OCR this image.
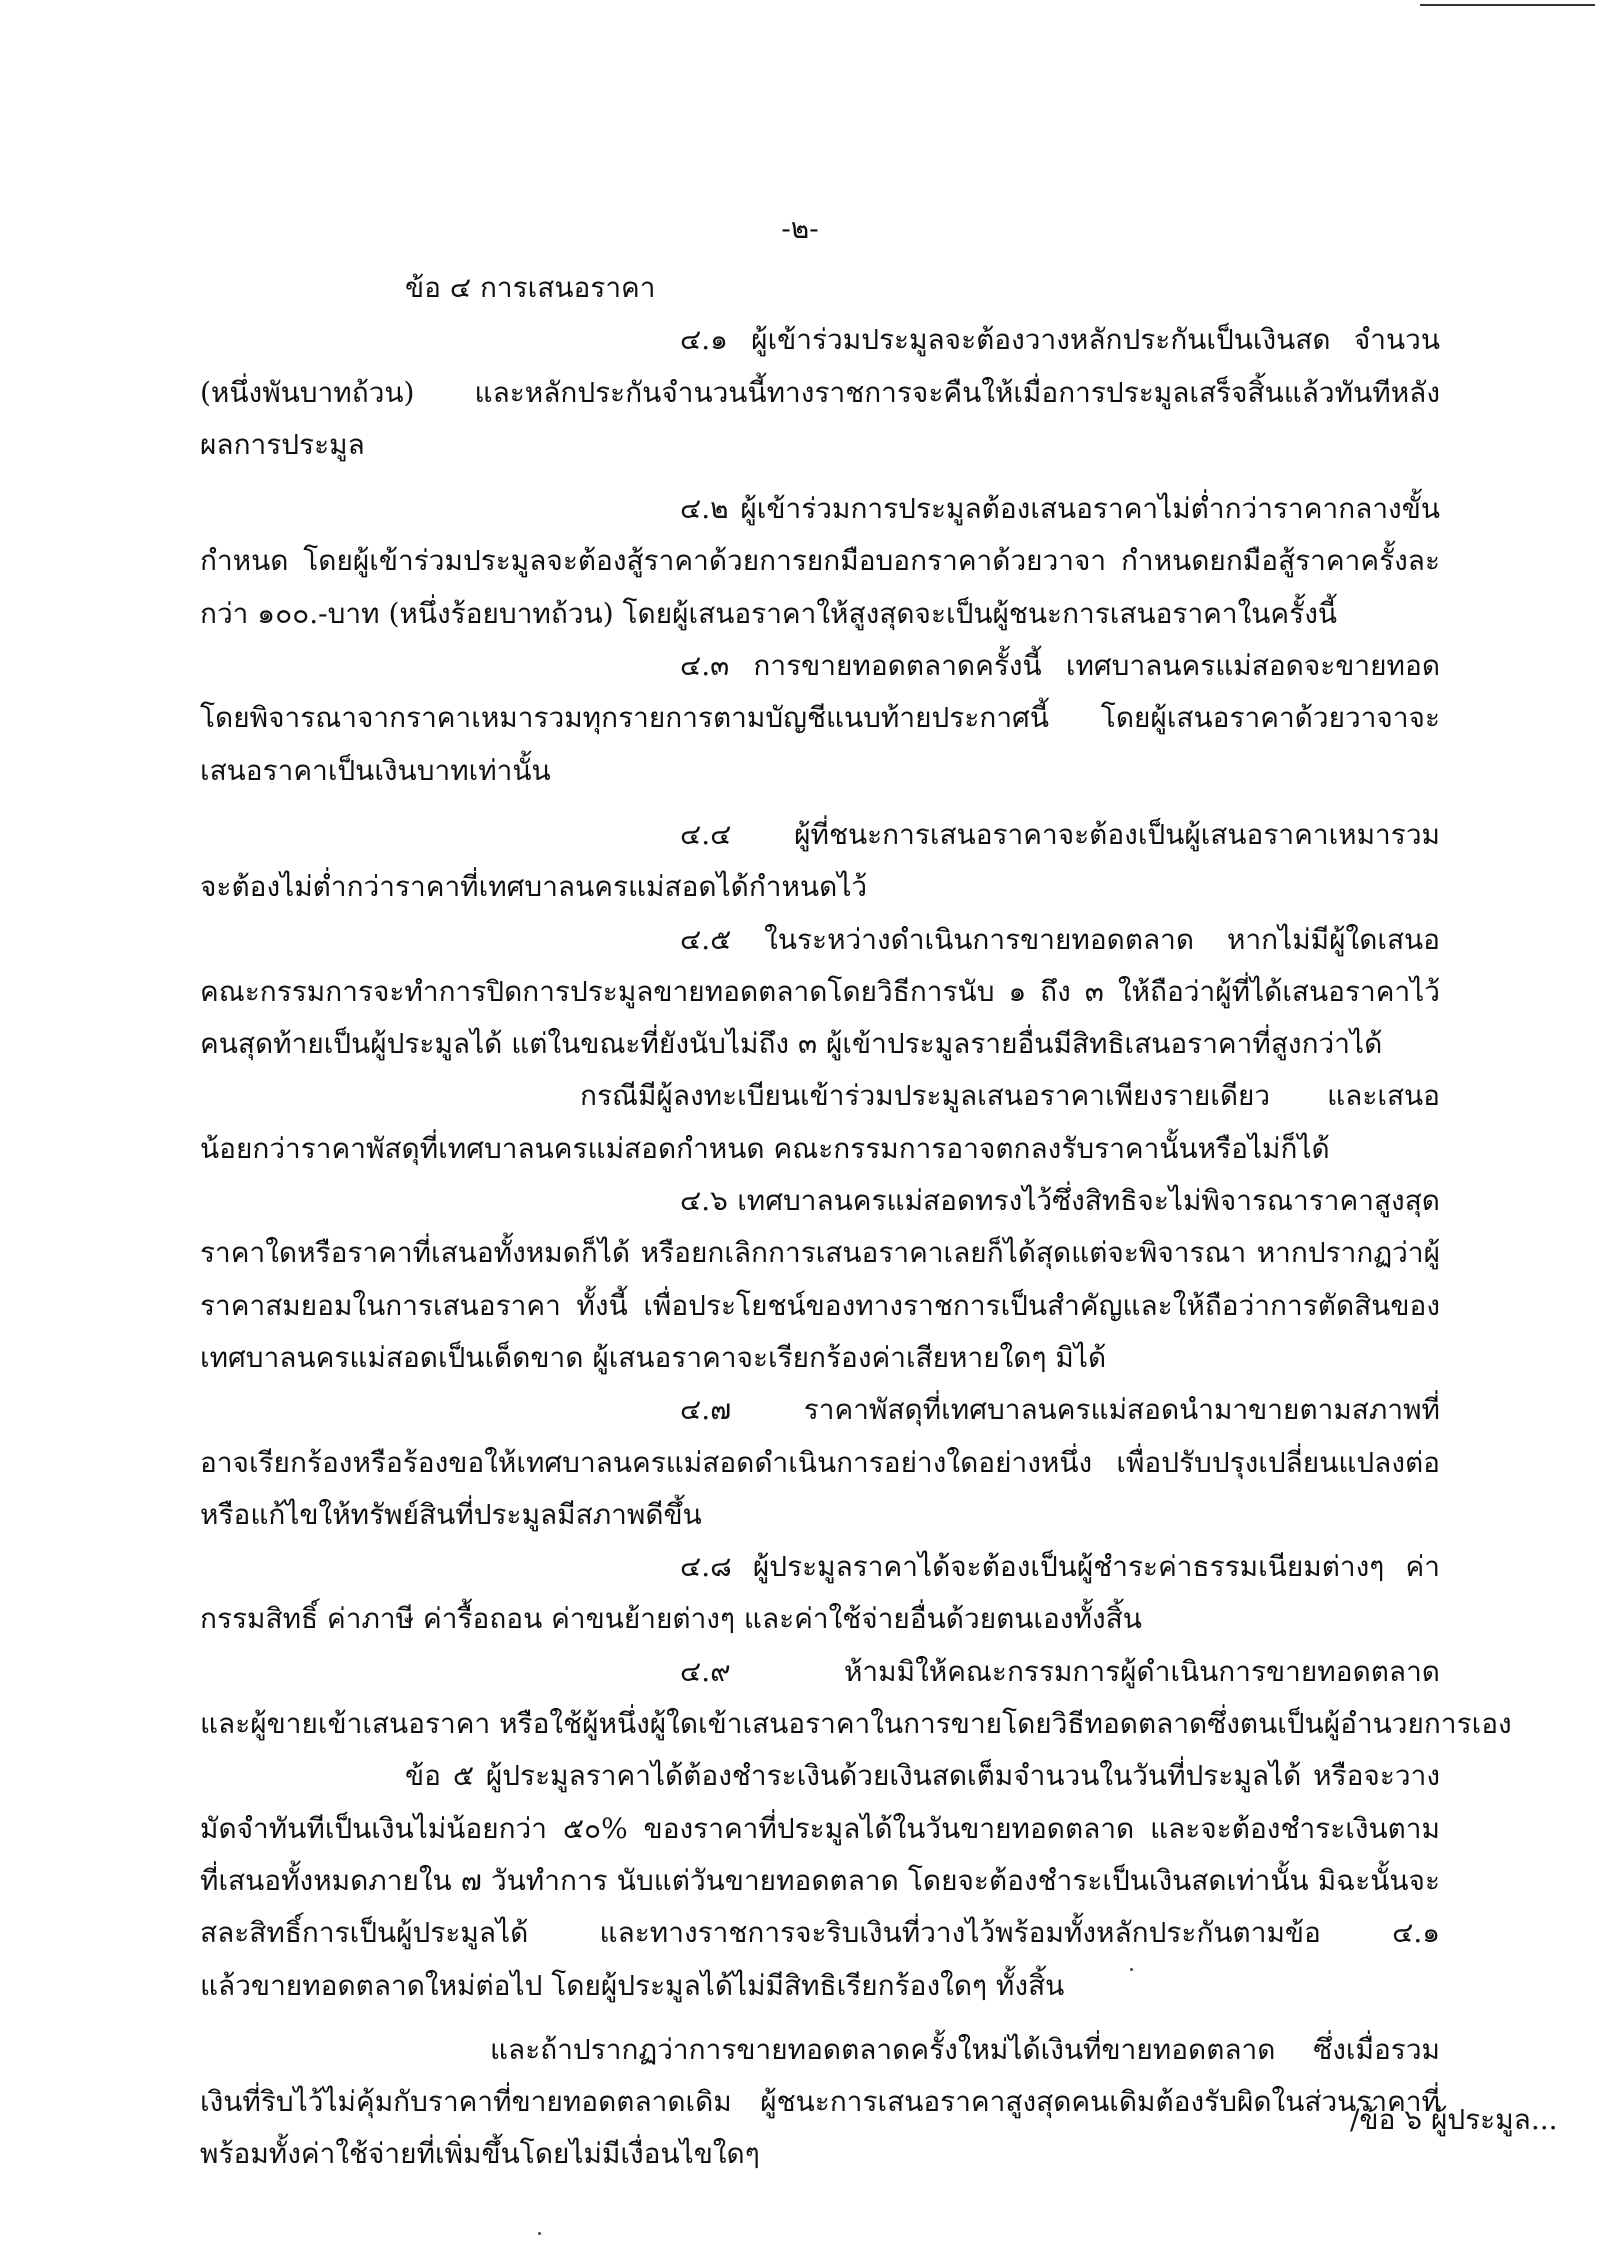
-๒-
ข้อ ๔ การเสนอราคา
๔.๑ ผู้เข้าร่วมประมูลจะต้องวางหลักประกันเป็นเงินสด จำนวน
(หนึ่งพันบาทถ้วน) และหลักประกันจำนวนนี้ทางราชการจะคืนให้เมื่อการประมูลเสร็จสิ้นแล้วทันทีหลัง
ผลการประมูล
๔.๒ ผู้เข้าร่วมการประมูลต้องเสนอราคาไม่ต่ำกว่าราคากลางขั้น
กำหนด โดยผู้เข้าร่วมประมูลจะต้องสู้ราคาด้วยการยกมือบอกราคาด้วยวาจา กำหนดยกมือสู้ราคาครั้งละ
กว่า ๑๐๐.-บาท (หนึ่งร้อยบาทถ้วน) โดยผู้เสนอราคาให้สูงสุดจะเป็นผู้ชนะการเสนอราคาในครั้งนี้
๔.๓ การขายทอดตลาดครั้งนี้ เทศบาลนครแม่สอดจะขายทอด
โดยพิจารณาจากราคาเหมารวมทุกรายการตามบัญชีแนบท้ายประกาศนี้ โดยผู้เสนอราคาด้วยวาจาจะ
เสนอราคาเป็นเงินบาทเท่านั้น
๔.๔ ผู้ที่ชนะการเสนอราคาจะต้องเป็นผู้เสนอราคาเหมารวม
จะต้องไม่ต่ำกว่าราคาที่เทศบาลนครแม่สอดได้กำหนดไว้
๔.๕ ในระหว่างดำเนินการขายทอดตลาด หากไม่มีผู้ใดเสนอ
คณะกรรมการจะทำการปิดการประมูลขายทอดตลาดโดยวิธีการนับ ๑ ถึง ๓ ให้ถือว่าผู้ที่ได้เสนอราคาไว้
คนสุดท้ายเป็นผู้ประมูลได้ แต่ในขณะที่ยังนับไม่ถึง ๓ ผู้เข้าประมูลรายอื่นมีสิทธิเสนอราคาที่สูงกว่าได้
กรณีมีผู้ลงทะเบียนเข้าร่วมประมูลเสนอราคาเพียงรายเดียว และเสนอ
น้อยกว่าราคาพัสดุที่เทศบาลนครแม่สอดกำหนด คณะกรรมการอาจตกลงรับราคานั้นหรือไม่ก็ได้
๔.๖ เทศบาลนครแม่สอดทรงไว้ซึ่งสิทธิจะไม่พิจารณาราคาสูงสุด
ราคาใดหรือราคาที่เสนอทั้งหมดก็ได้ หรือยกเลิกการเสนอราคาเลยก็ได้สุดแต่จะพิจารณา หากปรากฏว่าผู้
ราคาสมยอมในการเสนอราคา ทั้งนี้ เพื่อประโยชน์ของทางราชการเป็นสำคัญและให้ถือว่าการตัดสินของ
เทศบาลนครแม่สอดเป็นเด็ดขาด ผู้เสนอราคาจะเรียกร้องค่าเสียหายใดๆ มิได้
๔.๗ ราคาพัสดุที่เทศบาลนครแม่สอดนำมาขายตามสภาพที่
อาจเรียกร้องหรือร้องขอให้เทศบาลนครแม่สอดดำเนินการอย่างใดอย่างหนึ่ง เพื่อปรับปรุงเปลี่ยนแปลงต่อ
หรือแก้ไขให้ทรัพย์สินที่ประมูลมีสภาพดีขึ้น
๔.๘ ผู้ประมูลราคาได้จะต้องเป็นผู้ชำระค่าธรรมเนียมต่างๆ ค่า
กรรมสิทธิ์ ค่าภาษี ค่ารื้อถอน ค่าขนย้ายต่างๆ และค่าใช้จ่ายอื่นด้วยตนเองทั้งสิ้น
๔.๙ ห้ามมิให้คณะกรรมการผู้ดำเนินการขายทอดตลาด
และผู้ขายเข้าเสนอราคา หรือใช้ผู้หนึ่งผู้ใดเข้าเสนอราคาในการขายโดยวิธีทอดตลาดซึ่งตนเป็นผู้อำนวยการเอง
ข้อ ๕ ผู้ประมูลราคาได้ต้องชำระเงินด้วยเงินสดเต็มจำนวนในวันที่ประมูลได้ หรือจะวาง
มัดจำทันทีเป็นเงินไม่น้อยกว่า ๕๐% ของราคาที่ประมูลได้ในวันขายทอดตลาด และจะต้องชำระเงินตาม
ที่เสนอทั้งหมดภายใน ๗ วันทำการ นับแต่วันขายทอดตลาด โดยจะต้องชำระเป็นเงินสดเท่านั้น มิฉะนั้นจะ
สละสิทธิ์การเป็นผู้ประมูลได้ และทางราชการจะริบเงินที่วางไว้พร้อมทั้งหลักประกันตามข้อ ๔.๑
แล้วขายทอดตลาดใหม่ต่อไป โดยผู้ประมูลได้ไม่มีสิทธิเรียกร้องใดๆ ทั้งสิ้น
และถ้าปรากฏว่าการขายทอดตลาดครั้งใหม่ได้เงินที่ขายทอดตลาด ซึ่งเมื่อรวม
เงินที่ริบไว้ไม่คุ้มกับราคาที่ขายทอดตลาดเดิม ผู้ชนะการเสนอราคาสูงสุดคนเดิมต้องรับผิดในส่วนราคาที่
พร้อมทั้งค่าใช้จ่ายที่เพิ่มขึ้นโดยไม่มีเงื่อนไขใดๆ
/ข้อ ๖ ผู้ประมูล...
